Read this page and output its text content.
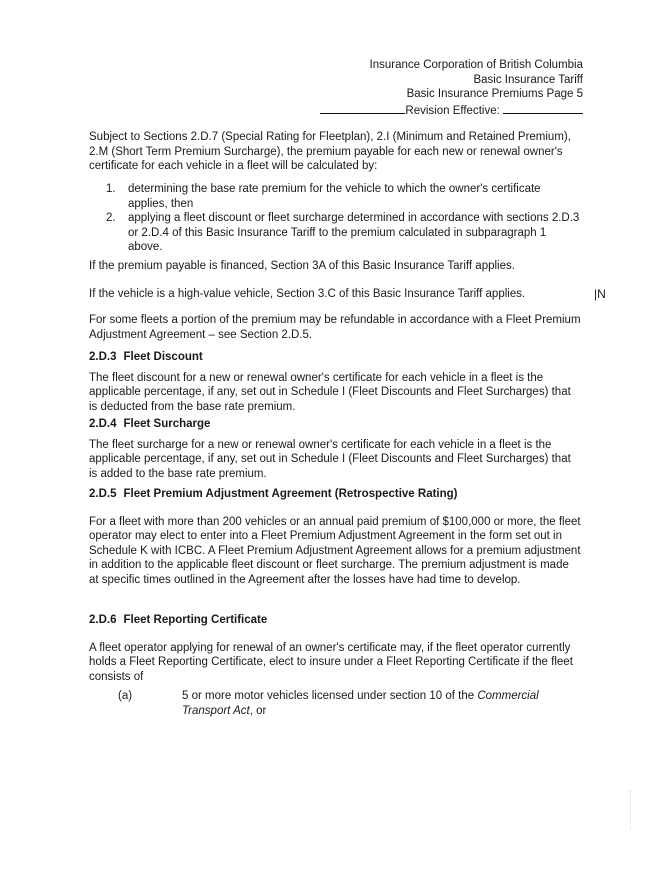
Insurance Corporation of British Columbia
Basic Insurance Tariff
Basic Insurance Premiums Page 5
Revision Effective:

Subject to Sections 2.D.7 (Special Rating for Fleetplan), 2.I (Minimum and Retained Premium), 2.M (Short Term Premium Surcharge), the premium payable for each new or renewal owner's certificate for each vehicle in a fleet will be calculated by:

1. determining the base rate premium for the vehicle to which the owner's certificate applies, then
2. applying a fleet discount or fleet surcharge determined in accordance with sections 2.D.3 or 2.D.4 of this Basic Insurance Tariff to the premium calculated in subparagraph 1 above.

If the premium payable is financed, Section 3A of this Basic Insurance Tariff applies.

If the vehicle is a high-value vehicle, Section 3.C of this Basic Insurance Tariff applies.	|N

For some fleets a portion of the premium may be refundable in accordance with a Fleet Premium Adjustment Agreement – see Section 2.D.5.

2.D.3 Fleet Discount

The fleet discount for a new or renewal owner's certificate for each vehicle in a fleet is the applicable percentage, if any, set out in Schedule I (Fleet Discounts and Fleet Surcharges) that is deducted from the base rate premium.

2.D.4 Fleet Surcharge

The fleet surcharge for a new or renewal owner's certificate for each vehicle in a fleet is the applicable percentage, if any, set out in Schedule I (Fleet Discounts and Fleet Surcharges) that is added to the base rate premium.

2.D.5 Fleet Premium Adjustment Agreement (Retrospective Rating)

For a fleet with more than 200 vehicles or an annual paid premium of $100,000 or more, the fleet operator may elect to enter into a Fleet Premium Adjustment Agreement in the form set out in Schedule K with ICBC. A Fleet Premium Adjustment Agreement allows for a premium adjustment in addition to the applicable fleet discount or fleet surcharge. The premium adjustment is made at specific times outlined in the Agreement after the losses have had time to develop.

2.D.6 Fleet Reporting Certificate

A fleet operator applying for renewal of an owner's certificate may, if the fleet operator currently holds a Fleet Reporting Certificate, elect to insure under a Fleet Reporting Certificate if the fleet consists of

(a)	5 or more motor vehicles licensed under section 10 of the Commercial Transport Act, or
